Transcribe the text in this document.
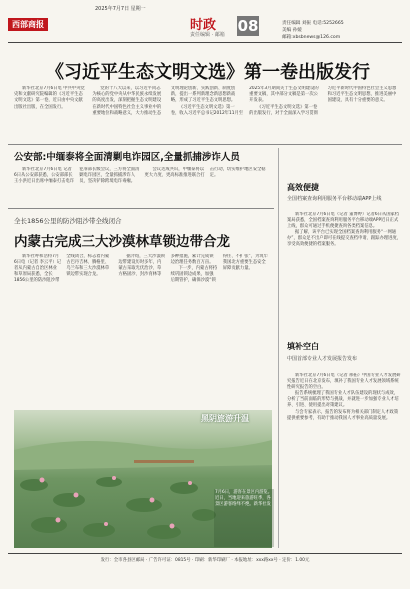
西部商报
2025年7月7日 星期一
时政
责任编辑 · 邮箱 08	责任编辑 刘振 电话:5252665
美编 孙媛
邮箱:xbsbnews@126.com
《习近平生态文明文选》第一卷出版发行

新华社北京7月6日电 中共中央党史和文献研究院编辑的《习近平生态文明文选》第一卷，近日由中央文献出版社出版，在全国发行。

党的十八大以来，以习近平同志为核心的党中央从中华民族永续发展的高度出发，深刻把握生态文明建设在新时代中国特色社会主义事业中的重要地位和战略意义，大力推动生态文明理论创新、实践创新、制度创新，提出一系列新理念新思想新战略，形成了习近平生态文明思想。

《习近平生态文明文选》第一卷，收入习近平总书记2012年11月至2025年3月期间关于生态文明建设的重要文稿，其中部分文稿是第一次公开发表。

《习近平生态文明文选》第一卷的出版发行，对于全面深入学习贯彻习近平新时代中国特色社会主义思想和习近平生态文明思想，推进美丽中国建设，具有十分重要的意义。

公安部:中缅泰将全面清剿电诈园区,全量抓捕涉诈人员

新华社北京7月6日电 记者6日从公安部获悉，公安部部长王小洪近日出席中缅泰打击电诈犯罪部长级会议，三方将全面清剿电诈园区，全量抓捕涉诈人员，坚决铲除跨境电诈毒瘤。

会议达成共识，中缅泰将以更大力度、更高标准推进联合打击行动，切实维护地区安全稳定。

全长1856公里的防沙阻沙带全线闭合
内蒙古完成三大沙漠林草锁边带合龙

新华社呼和浩特7月6日电（记者 李云平）记者从内蒙古自治区林业和草原局获悉，全长1856公里的防沙阻沙带全线闭合，标志着内蒙古巴丹吉林、腾格里、乌兰布和三大沙漠林草锁边带实现合龙。

据介绍，三大沙漠锁边带建设历时多年，内蒙古采取光伏治沙、草方格固沙、封沙育林等多种措施，累计完成锁边治理任务数百万亩。

下一步，内蒙古将持续巩固锁边成果，加强后期管护，确保沙漠“锁得住、不扩张”，为筑牢我国北方重要生态安全屏障贡献力量。

黑阴旅游升温
7月6日，游客在景区内游览。近日，当地迎来旅游旺季，各景区游客络绎不绝。新华社发
高效便捷
全国档案查询利用服务平台移动端APP上线

新华社北京7月6日电（记者 董博婷）记者6日从国家档案局获悉，全国档案查询利用服务平台移动端APP近日正式上线，群众可通过手机便捷查询各类档案信息。

据了解，该平台已实现全国档案查询利用服务“一网通办”，群众足不出户即可在线提交查档申请、跟踪办理进度，享受高效便捷的档案服务。

填补空白
中国首部专业人才发展报告发布

新华社北京7月6日电（记者 邢拓）中国专业人才发展研究报告近日在北京发布，填补了我国专业人才发展领域系统性研究报告的空白。

报告系统梳理了我国专业人才队伍建设的现状与成效，分析了当前面临的形势与挑战，并就进一步加强专业人才培养、引进、使用提出对策建议。

与会专家表示，报告的发布将为相关部门制定人才政策提供重要参考，有助于推动我国人才事业高质量发展。

发行：全市各县区邮局 · 广告许可证：0815号 · 印刷：新华印刷厂 · 本报地址：xxx路xx号 · 定价：1.00元
